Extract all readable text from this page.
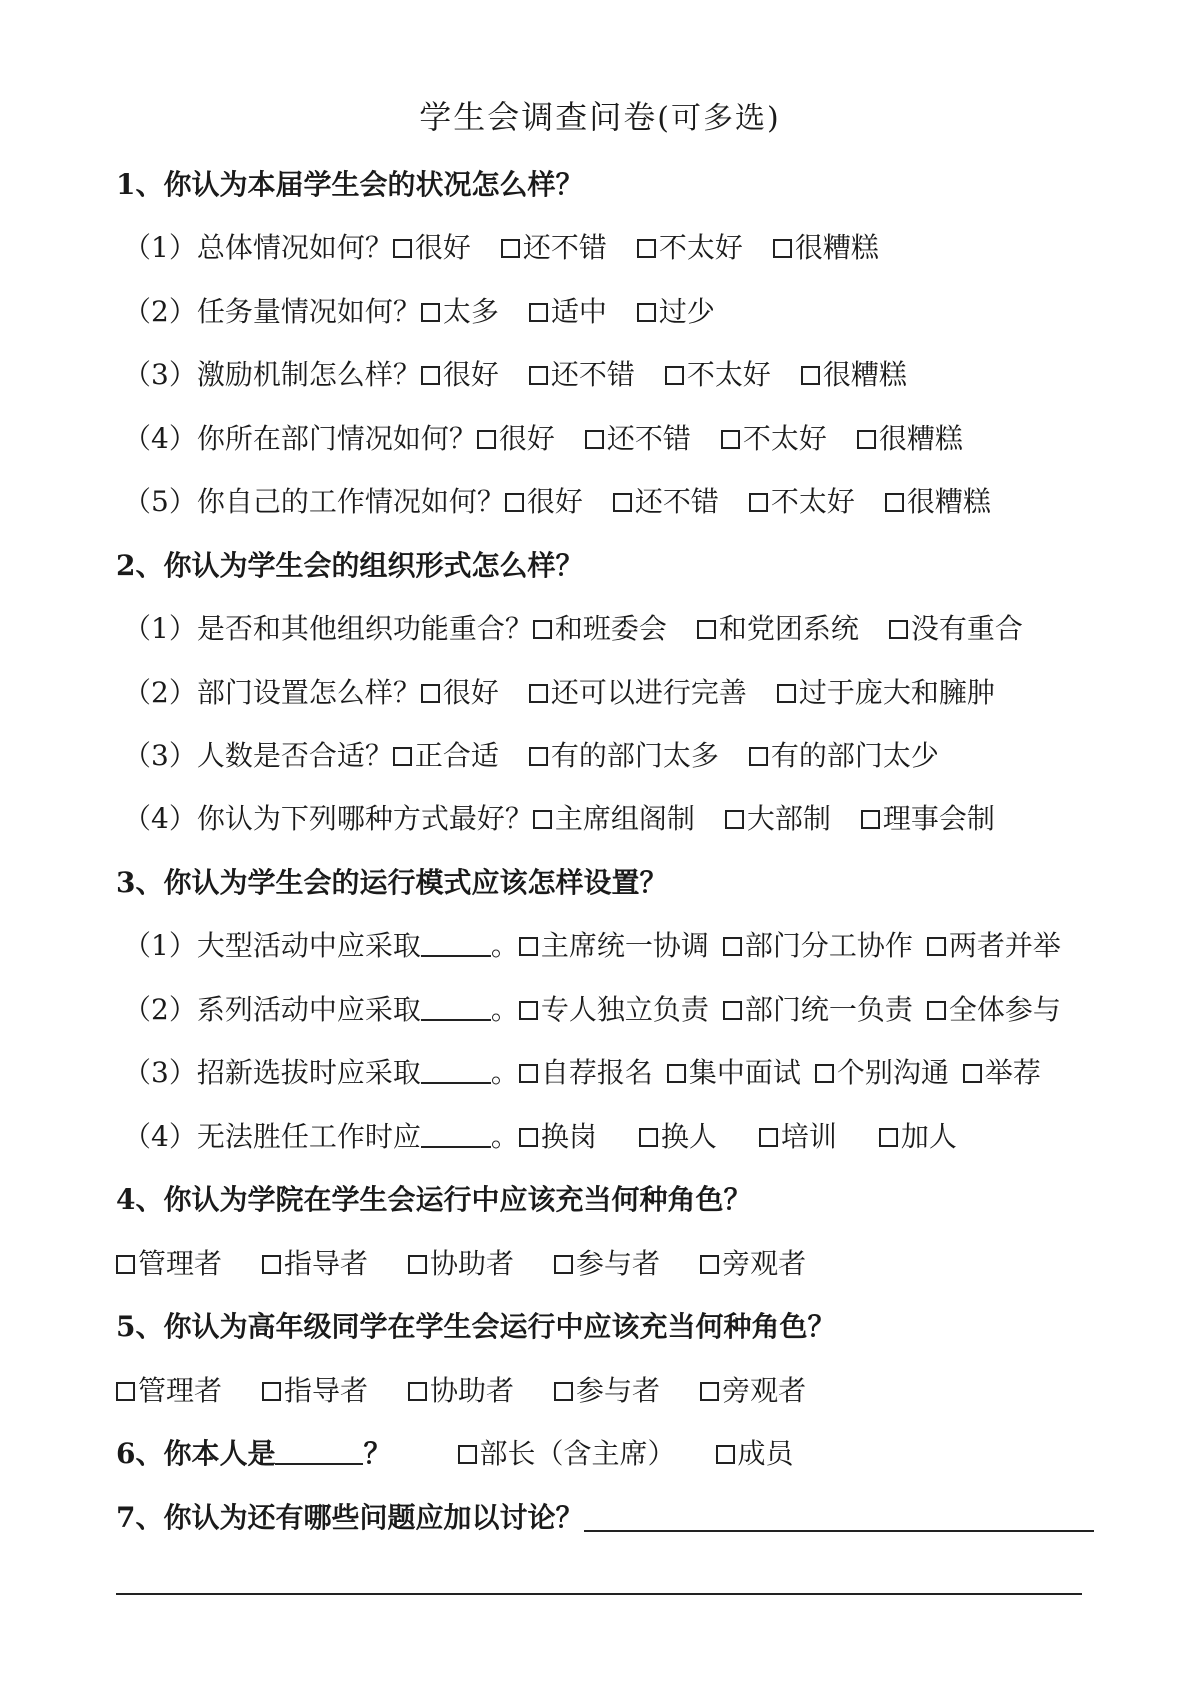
学生会调查问卷(可多选)
1、你认为本届学生会的状况怎么样？
（1）总体情况如何？ 很好 还不错 不太好 很糟糕
（2）任务量情况如何？ 太多 适中 过少
（3）激励机制怎么样？ 很好 还不错 不太好 很糟糕
（4）你所在部门情况如何？ 很好 还不错 不太好 很糟糕
（5）你自己的工作情况如何？ 很好 还不错 不太好 很糟糕
2、你认为学生会的组织形式怎么样？
（1）是否和其他组织功能重合？ 和班委会 和党团系统 没有重合
（2）部门设置怎么样？ 很好 还可以进行完善 过于庞大和臃肿
（3）人数是否合适？ 正合适 有的部门太多 有的部门太少
（4）你认为下列哪种方式最好？ 主席组阁制 大部制 理事会制
3、你认为学生会的运行模式应该怎样设置？
（1）大型活动中应采取	。 主席统一协调 部门分工协作 两者并举
（2）系列活动中应采取	。 专人独立负责 部门统一负责 全体参与
（3）招新选拔时应采取	。 自荐报名 集中面试 个别沟通 举荐
（4）无法胜任工作时应	。 换岗 换人 培训 加人
4、你认为学院在学生会运行中应该充当何种角色？
管理者 指导者 协助者 参与者 旁观者
5、你认为高年级同学在学生会运行中应该充当何种角色？
管理者 指导者 协助者 参与者 旁观者
6、你本人是	？	部长（含主席） 成员
7、你认为还有哪些问题应加以讨论？
